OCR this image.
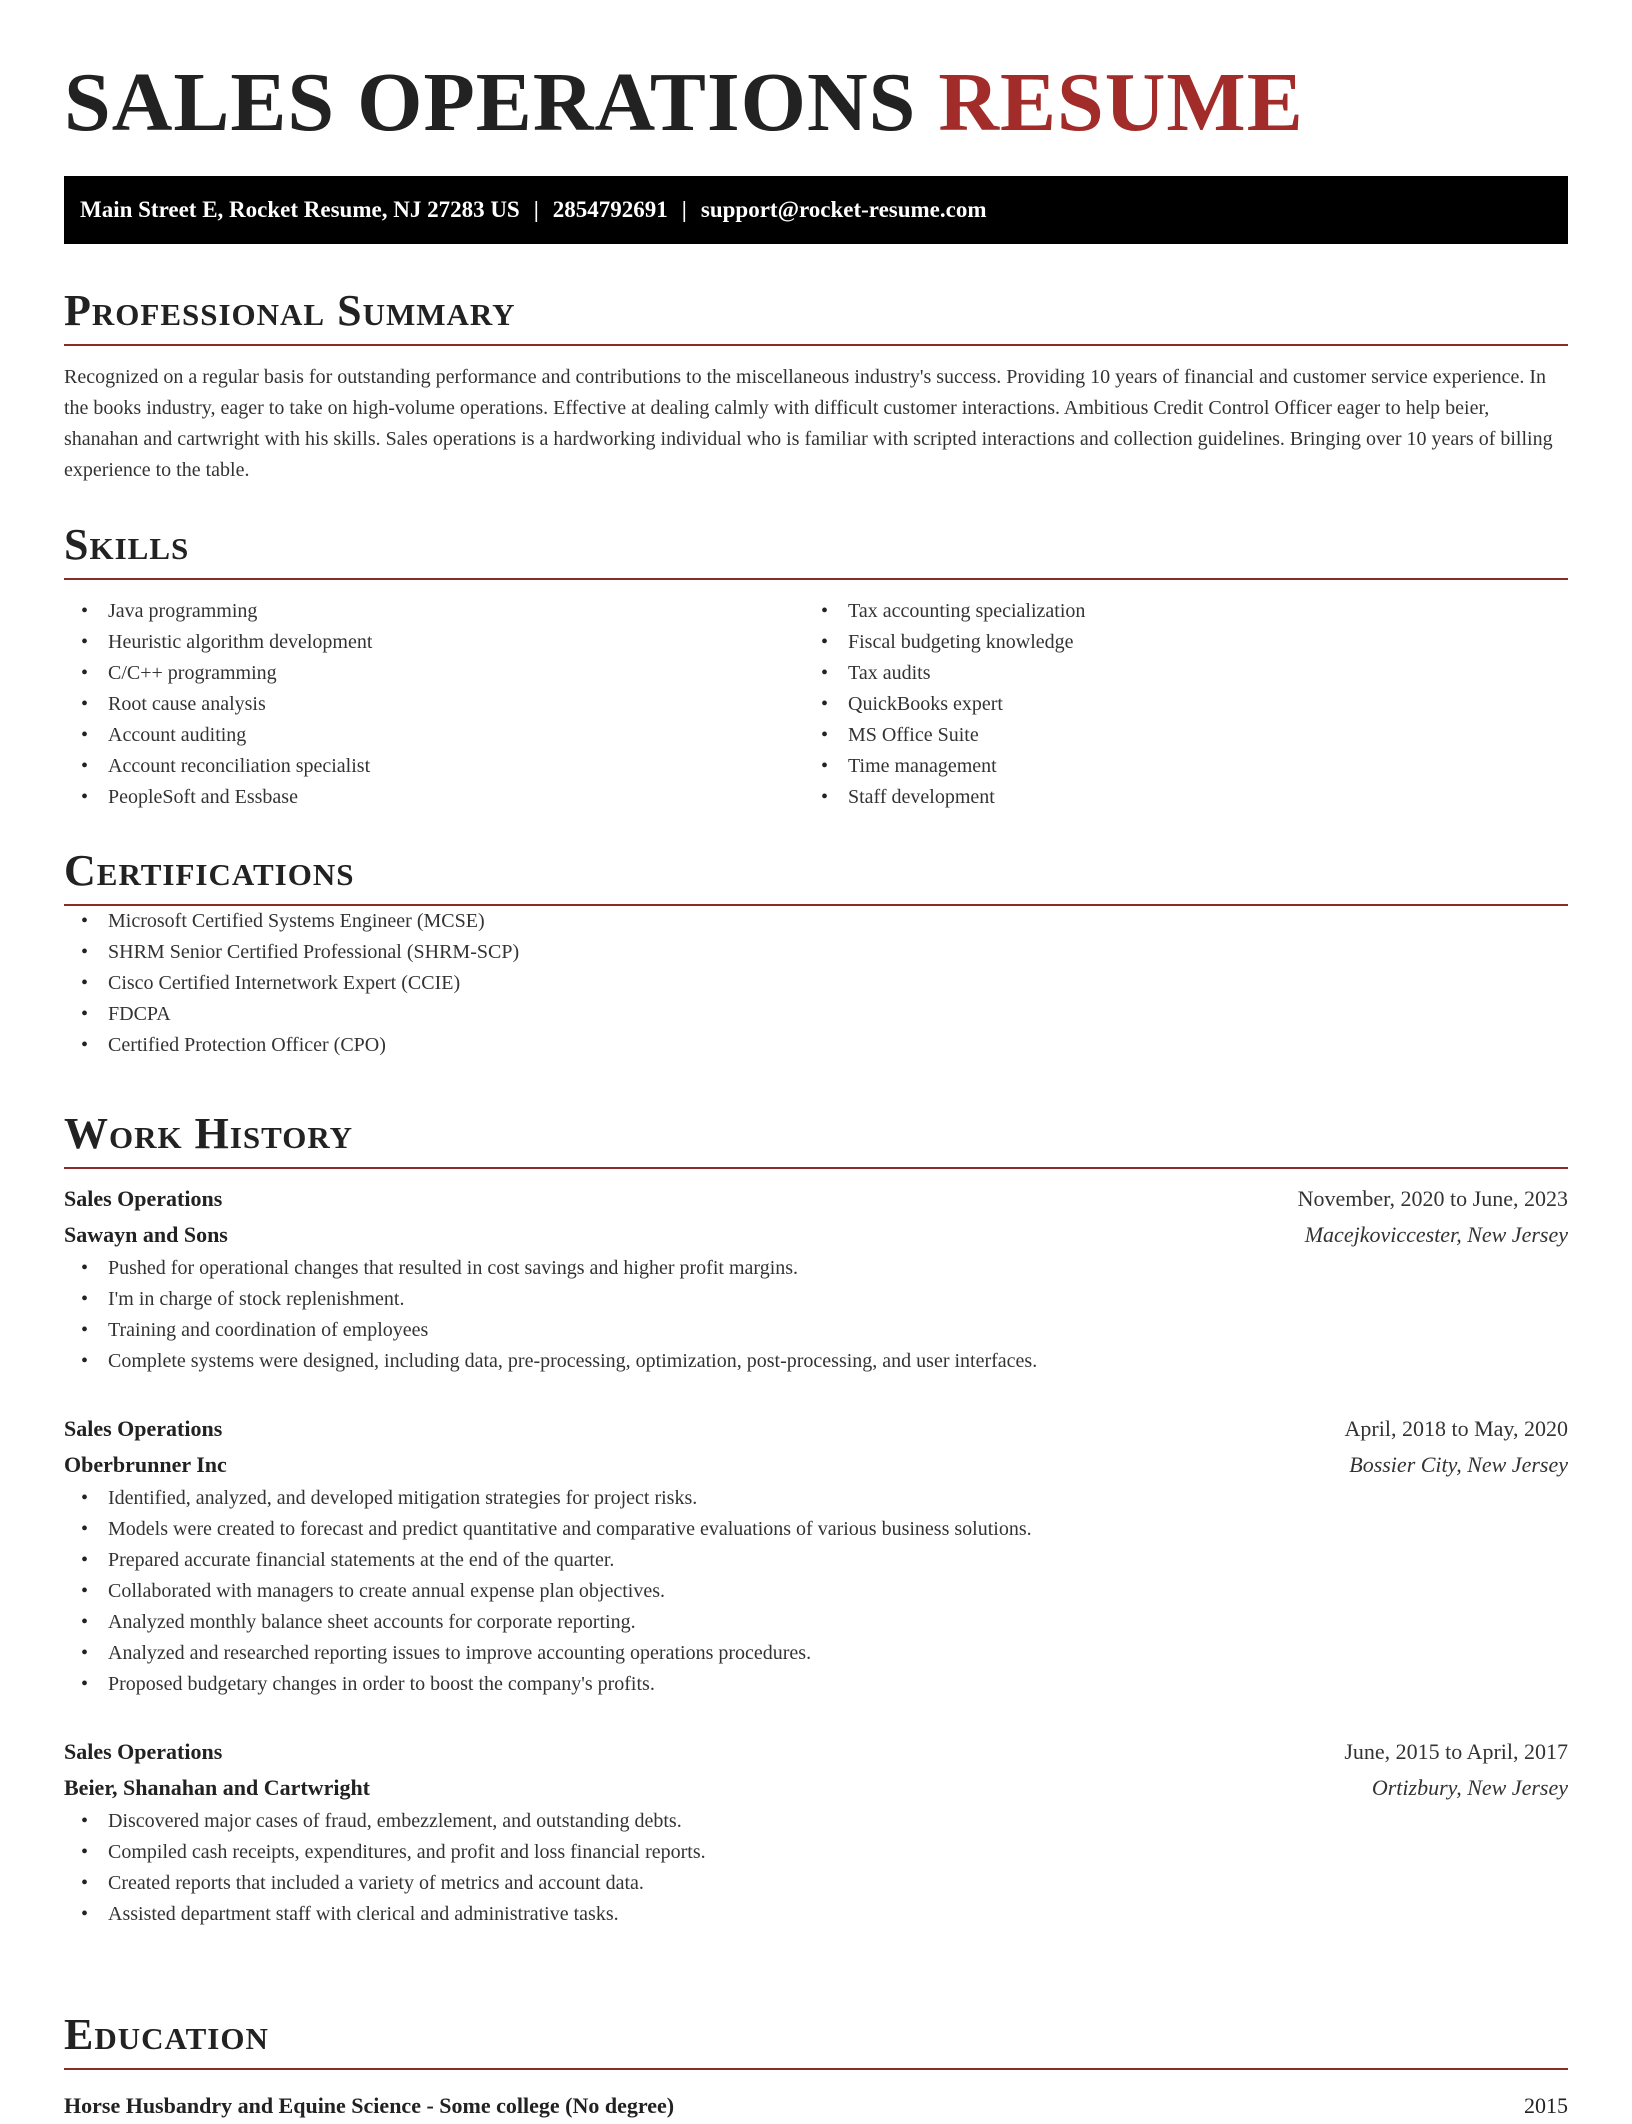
SALES OPERATIONS RESUME
Main Street E, Rocket Resume, NJ 27283 US | 2854792691 | support@rocket-resume.com
Professional Summary

Recognized on a regular basis for outstanding performance and contributions to the miscellaneous industry's success. Providing 10 years of financial and customer service experience. In the books industry, eager to take on high-volume operations. Effective at dealing calmly with difficult customer interactions. Ambitious Credit Control Officer eager to help beier, shanahan and cartwright with his skills. Sales operations is a hardworking individual who is familiar with scripted interactions and collection guidelines. Bringing over 10 years of billing experience to the table.

Skills
• Java programming
• Heuristic algorithm development
• C/C++ programming
• Root cause analysis
• Account auditing
• Account reconciliation specialist
• PeopleSoft and Essbase
• Tax accounting specialization
• Fiscal budgeting knowledge
• Tax audits
• QuickBooks expert
• MS Office Suite
• Time management
• Staff development
Certifications
• Microsoft Certified Systems Engineer (MCSE)
• SHRM Senior Certified Professional (SHRM-SCP)
• Cisco Certified Internetwork Expert (CCIE)
• FDCPA
• Certified Protection Officer (CPO)
Work History
Sales Operations	November, 2020 to June, 2023
Sawayn and Sons	Macejkoviccester, New Jersey
• Pushed for operational changes that resulted in cost savings and higher profit margins.
• I'm in charge of stock replenishment.
• Training and coordination of employees
• Complete systems were designed, including data, pre-processing, optimization, post-processing, and user interfaces.
Sales Operations	April, 2018 to May, 2020
Oberbrunner Inc	Bossier City, New Jersey
• Identified, analyzed, and developed mitigation strategies for project risks.
• Models were created to forecast and predict quantitative and comparative evaluations of various business solutions.
• Prepared accurate financial statements at the end of the quarter.
• Collaborated with managers to create annual expense plan objectives.
• Analyzed monthly balance sheet accounts for corporate reporting.
• Analyzed and researched reporting issues to improve accounting operations procedures.
• Proposed budgetary changes in order to boost the company's profits.
Sales Operations	June, 2015 to April, 2017
Beier, Shanahan and Cartwright	Ortizbury, New Jersey
• Discovered major cases of fraud, embezzlement, and outstanding debts.
• Compiled cash receipts, expenditures, and profit and loss financial reports.
• Created reports that included a variety of metrics and account data.
• Assisted department staff with clerical and administrative tasks.
Education
Horse Husbandry and Equine Science - Some college (No degree)	2015
